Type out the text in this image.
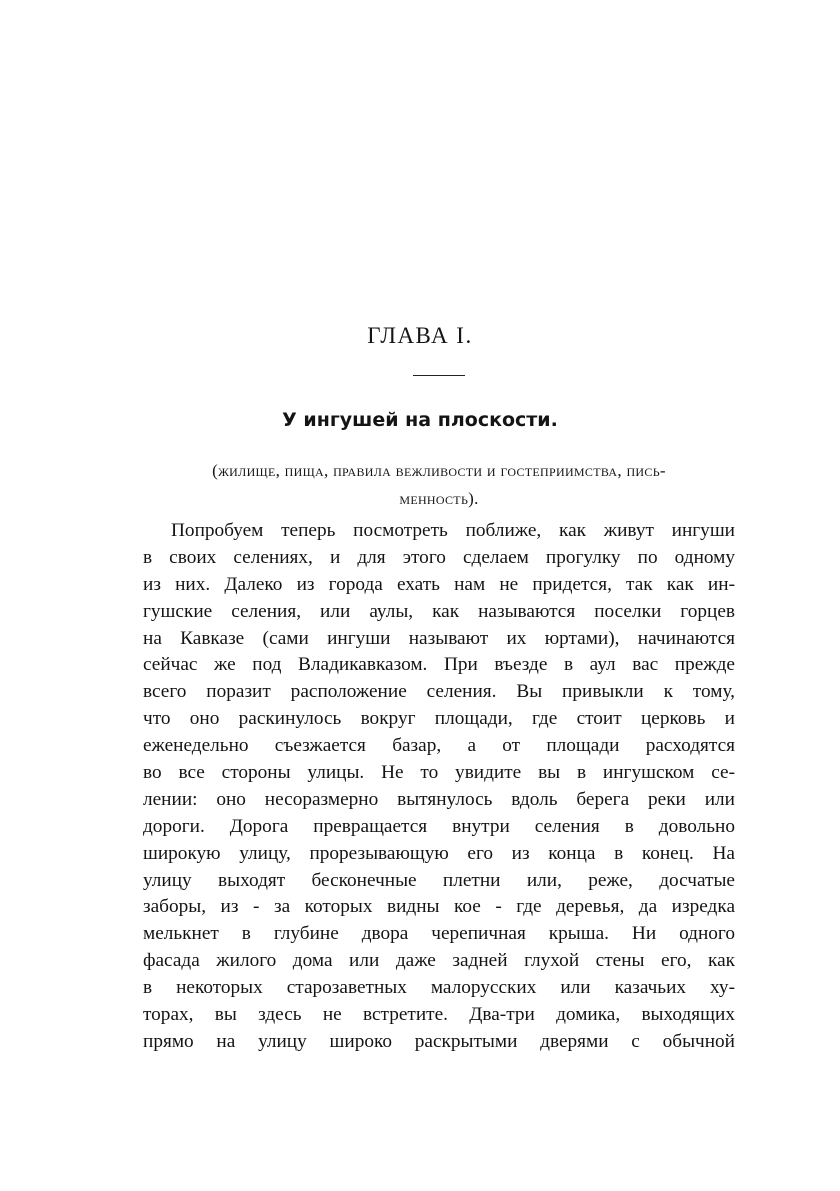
ГЛАВА I.
У ингушей на плоскости.

(жилище, пища, правила вежливости и гостеприимства, пись-
менность).

Попробуем теперь посмотреть поближе, как живут ингуши
в своих селениях, и для этого сделаем прогулку по одному
из них. Далеко из города ехать нам не придется, так как ин-
гушские селения, или аулы, как называются поселки горцев
на Кавказе (сами ингуши называют их юртами), начинаются
сейчас же под Владикавказом. При въезде в аул вас прежде
всего поразит расположение селения. Вы привыкли к тому,
что оно раскинулось вокруг площади, где стоит церковь и
еженедельно съезжается базар, а от площади расходятся
во все стороны улицы. Не то увидите вы в ингушском се-
лении: оно несоразмерно вытянулось вдоль берега реки или
дороги. Дорога превращается внутри селения в довольно
широкую улицу, прорезывающую его из конца в конец. На
улицу выходят бесконечные плетни или, реже, досчатые
заборы, из - за которых видны кое - где деревья, да изредка
мелькнет в глубине двора черепичная крыша. Ни одного
фасада жилого дома или даже задней глухой стены его, как
в некоторых старозаветных малорусских или казачьих ху-
торах, вы здесь не встретите. Два-три домика, выходящих
прямо на улицу широко раскрытыми дверями с обычной
